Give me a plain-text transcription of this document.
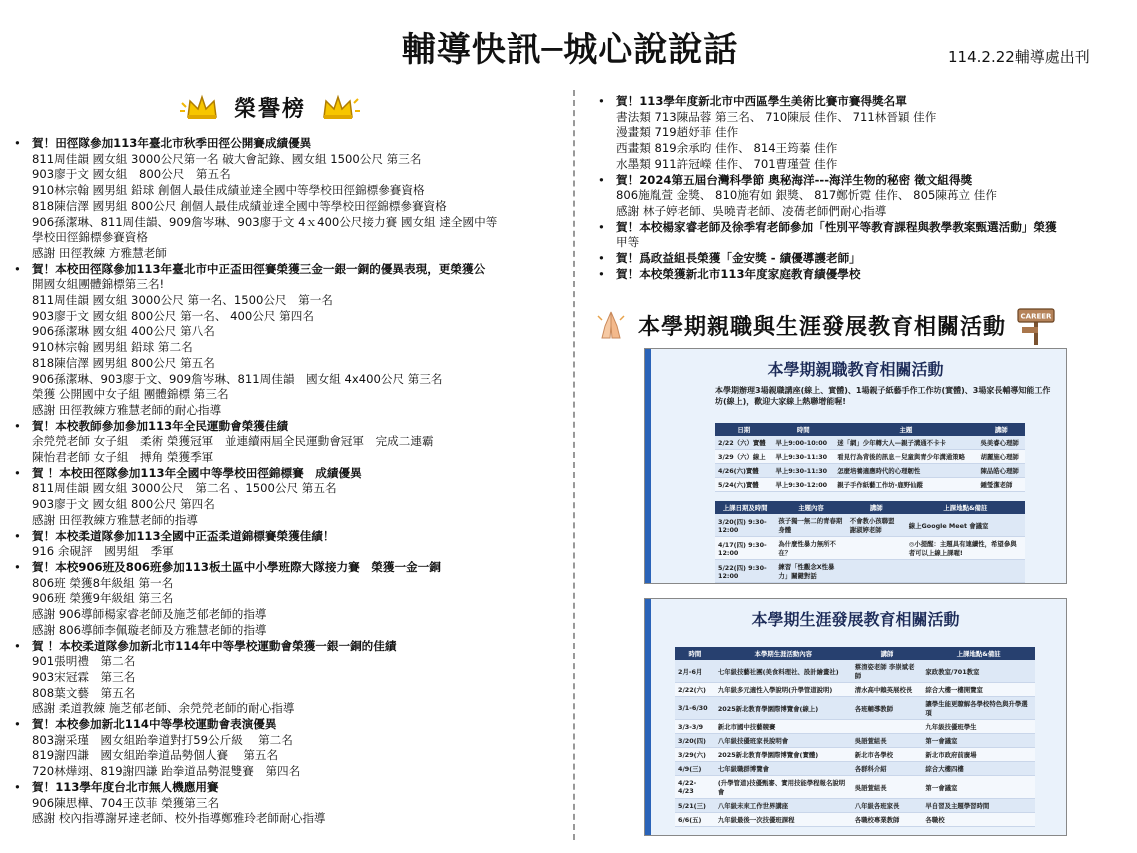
輔導快訊─城心說說話	114.2.22輔導處出刊
榮譽榜
• 賀！田徑隊參加113年臺北市秋季田徑公開賽成績優異
811周佳韻 國女組 3000公尺第一名 破大會記錄、國女組 1500公尺 第三名
903廖于文 國女組　800公尺　第五名
910林宗翰 國男組 鉛球 創個人最佳成績並達全國中等學校田徑錦標參賽資格
818陳信澤 國男組 800公尺 創個人最佳成績並達全國中等學校田徑錦標參賽資格
906孫潔琳、811周佳韻、909詹岑琳、903廖于文 4ｘ400公尺接力賽 國女組 達全國中等
學校田徑錦標參賽資格
感謝 田徑教練 方雅慧老師
• 賀！本校田徑隊參加113年臺北市中正盃田徑賽榮獲三金一銀一銅的優異表現，更榮獲公
開國女組團體錦標第三名!
811周佳韻 國女組 3000公尺 第一名、1500公尺　第一名
903廖于文 國女組 800公尺 第一名、 400公尺 第四名
906孫潔琳 國女組 400公尺 第八名
910林宗翰 國男組 鉛球 第二名
818陳信澤 國男組 800公尺 第五名
906孫潔琳、903廖于文、909詹岑琳、811周佳韻　國女組 4x400公尺 第三名
榮獲 公開國中女子組 團體錦標 第三名
感謝 田徑教練方雅慧老師的耐心指導
• 賀！本校教師參加參加113年全民運動會榮獲佳績
余焭焭老師 女子組　柔術 榮獲冠軍　並連續兩屆全民運動會冠軍　完成二連霸
陳怡君老師 女子組　搏角 榮獲季軍
• 賀 ！本校田徑隊參加113年全國中等學校田徑錦標賽　成績優異
811周佳韻 國女組 3000公尺　第二名 、1500公尺 第五名
903廖于文 國女組 800公尺 第四名
感謝 田徑教練方雅慧老師的指導
• 賀！本校柔道隊參加113全國中正盃柔道錦標賽榮獲佳績！
916 余硯評　國男組　季軍
• 賀！本校906班及806班參加113板土區中小學班際大隊接力賽　榮獲一金一銅
806班 榮獲8年級組 第一名
906班 榮獲9年級組 第三名
感謝 906導師楊家睿老師及施芝郁老師的指導
感謝 806導師李佩璇老師及方雅慧老師的指導
• 賀 ！本校柔道隊參加新北市114年中等學校運動會榮獲一銀一銅的佳績
901張明禮　第二名
903宋冠霖　第三名
808葉文藝　第五名
感謝 柔道教練 施芝郁老師、余焭焭老師的耐心指導
• 賀！本校參加新北114中等學校運動會表演優異
803謝采瑾　國女組跆拳道對打59公斤級　 第二名
819謝四謙　國女組跆拳道品勢個人賽　 第五名
720林燁翊、819謝四謙 跆拳道品勢混雙賽　第四名
• 賀！113學年度台北市無人機應用賽
906陳思樺、704王苡菲 榮獲第三名
感謝 校內指導謝昇達老師、校外指導鄭雅玲老師耐心指導
• 賀！113學年度新北市中西區學生美術比賽市賽得獎名單
書法類 713陳品蓉 第三名、 710陳辰 佳作、 711林晉穎 佳作
漫畫類 719趙妤菲 佳作
西畫類 819余承昀 佳作、 814王筠蓁 佳作
水墨類 911許冠嶸 佳作、 701曹瑾萱 佳作
• 賀！2024第五屆台灣科學節 奧秘海洋---海洋生物的秘密 徵文組得獎
806施胤萱 金獎、 810施宥如 銀獎、 817鄭忻霓 佳作、 805陳苒立 佳作
感謝 林子婷老師、吳曉青老師、凌蒨老師們耐心指導
• 賀！本校楊家睿老師及徐季宥老師參加「性別平等教育課程與教學教案甄選活動」榮獲
甲等
• 賀！爲政益組長榮獲「金安獎 - 績優導護老師」
• 賀！本校榮獲新北市113年度家庭教育績優學校
本學期親職與生涯發展教育相關活動 CAREER
本學期親職教育相關活動
本學期辦理3場親職講座(線上、實體)、1場親子紙藝手作工作坊(實體)、3場家長輔導知能工作坊(線上)，歡迎大家線上熱聯增能喔!
日期	時間	主題	講師
2/22（六）實體	早上9:00-10:00	迷「網」少年轉大人—親子溝通不卡卡	吳美睿心理師
3/29（六）線上	早上9:30-11:30	看見行為背後的訊息－兒童與青少年溝通策略	胡麗施心理師
4/26(六)實體	早上9:30-11:30	怎麼培養適應時代的心理韌性	陳品皓心理師
5/24(六)實體	早上9:30-12:00	親子手作紙藝工作坊-鹿野仙蹤	鍾瑩潔老師
上課日期及時間	主題內容	講師	上課地點&備註
3/20(四) 9:30-12:00	孩子獨一無二的青春期身體	不會教小孩聯盟 謝淑婷老師	線上Google Meet 會議室
4/17(四) 9:30-12:00	為什麼性暴力無所不在？		◎小提醒：主題具有連續性，希望參與者可以上線上課喔!
5/22(四) 9:30-12:00	練習「性觀念X性暴力」關鍵對話		
本學期生涯發展教育相關活動
時間	本學期生涯活動內容	講師	上課地點&備註
2月-6月	七年級技藝社團(美食料理社、設計繪畫社)	蔡淯姿老師 李崇斌老師	家政教室/701教室
2/22(六)	九年級多元適性入學說明(升學管道說明)	清水高中賴英展校長	綜合大樓一樓開覽室
3/1-6/30	2025新北教育學園際博覽會(線上)	各班輔導教師	讓學生能更瞭解各學校特色與升學選項
3/3-3/9	新北市國中技藝競賽		九年級技優班學生
3/20(四)	八年級技優班家長說明會	吳語萱組長	第一會議室
3/29(六)	2025新北教育學園際博覽會(實體)	新北市各學校	新北市政府前廣場
4/9(三)	七年級職群博覽會	各群科介紹	綜合大樓四樓
4/22-4/23	(升學管道)技優甄審、實用技能學程報名說明會	吳語萱組長	第一會議室
5/21(三)	八年級未來工作世界講座	八年級各班家長	早自習及主題學習時間
6/6(五)	九年級最後一次技優班課程	各職校專業教師	各職校
